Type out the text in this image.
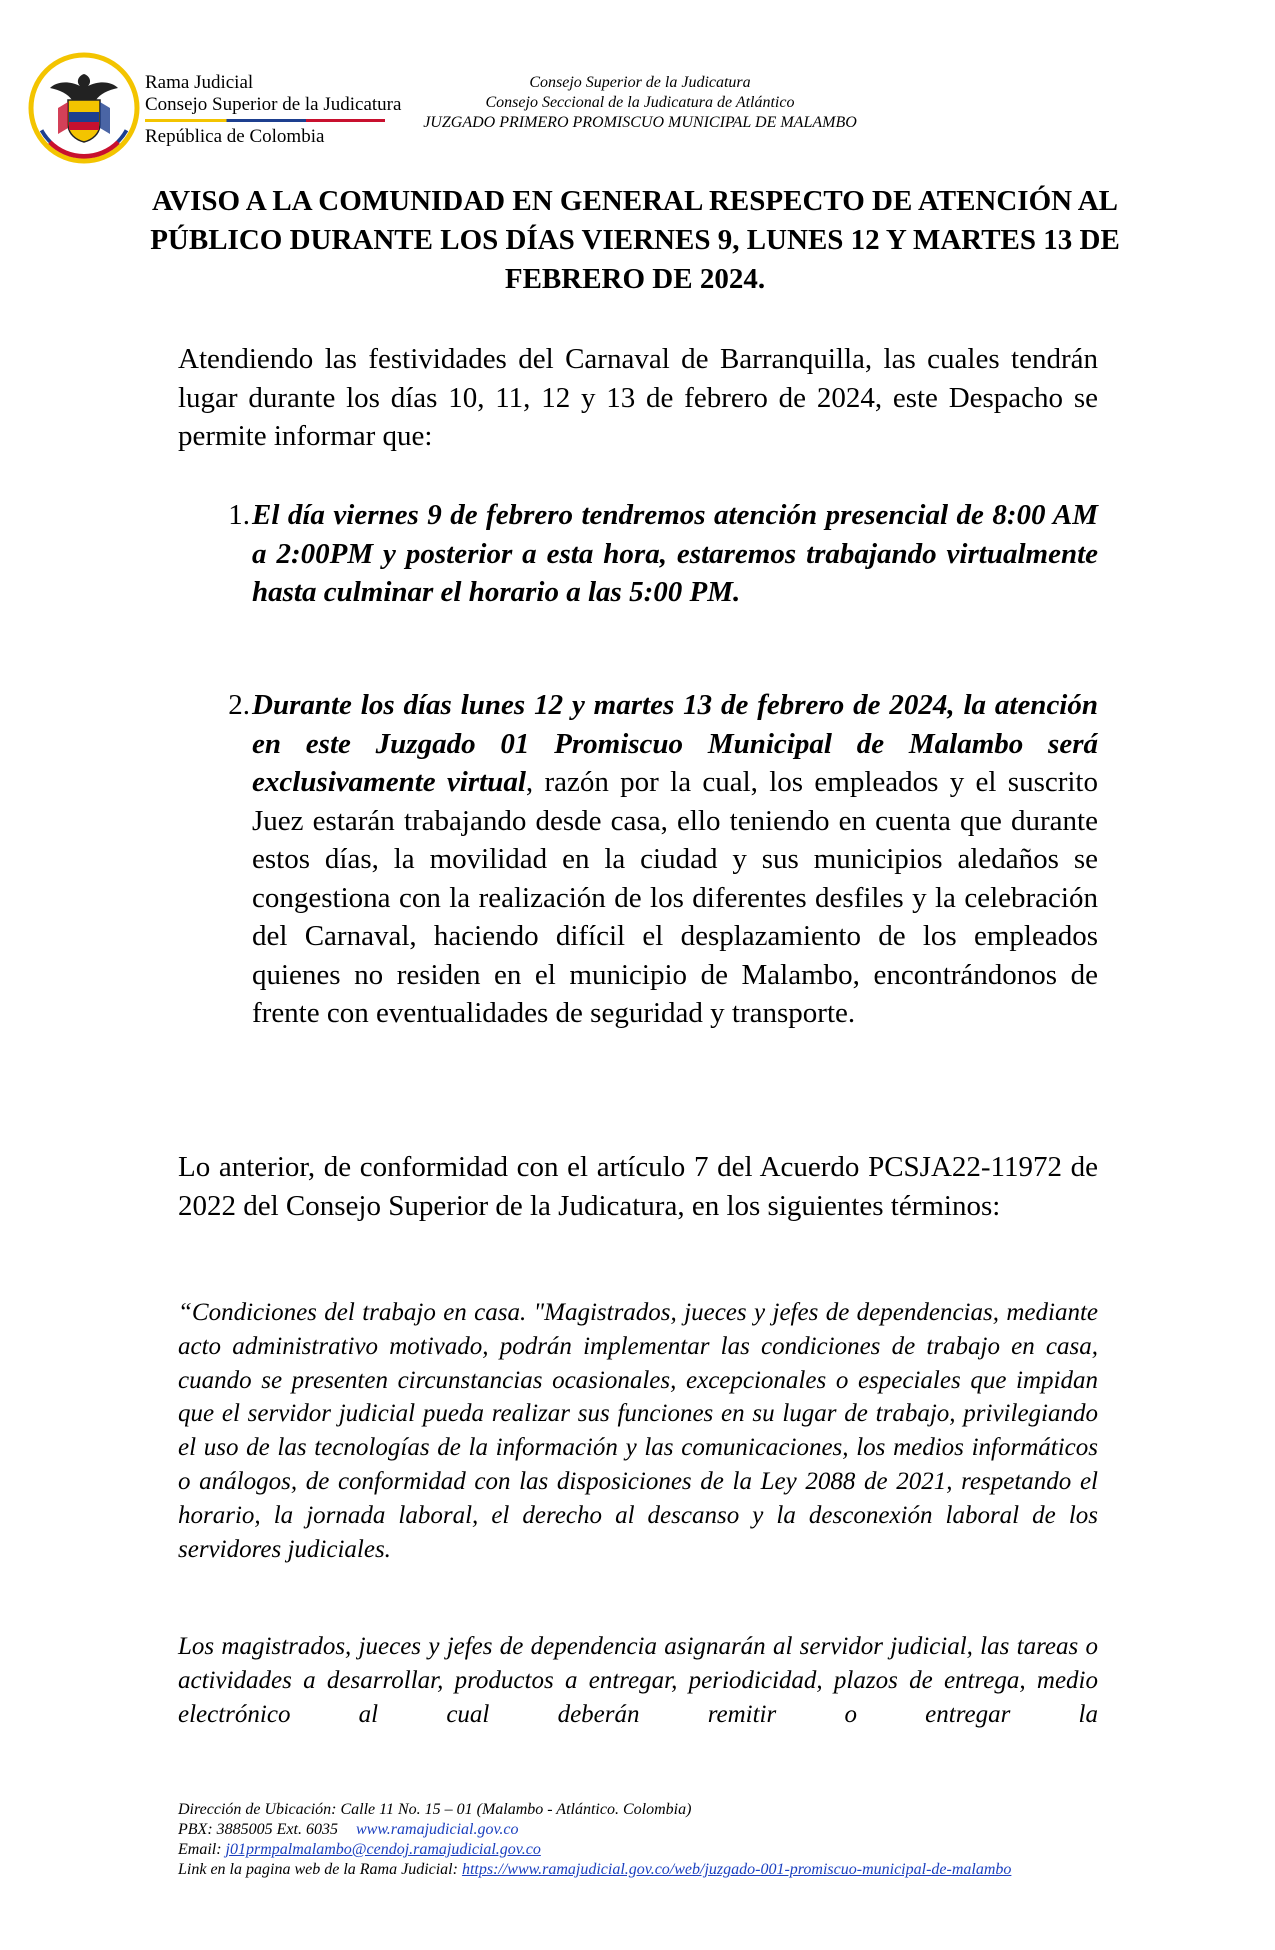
Rama Judicial
Consejo Superior de la Judicatura
República de Colombia
Consejo Superior de la Judicatura
Consejo Seccional de la Judicatura de Atlántico
JUZGADO PRIMERO PROMISCUO MUNICIPAL DE MALAMBO
AVISO A LA COMUNIDAD EN GENERAL RESPECTO DE ATENCIÓN AL PÚBLICO DURANTE LOS DÍAS VIERNES 9, LUNES 12 Y MARTES 13 DE FEBRERO DE 2024.
Atendiendo las festividades del Carnaval de Barranquilla, las cuales tendrán lugar durante los días 10, 11, 12 y 13 de febrero de 2024, este Despacho se permite informar que:
1. El día viernes 9 de febrero tendremos atención presencial de 8:00 AM a 2:00PM y posterior a esta hora, estaremos trabajando virtualmente hasta culminar el horario a las 5:00 PM.
2. Durante los días lunes 12 y martes 13 de febrero de 2024, la atención en este Juzgado 01 Promiscuo Municipal de Malambo será exclusivamente virtual, razón por la cual, los empleados y el suscrito Juez estarán trabajando desde casa, ello teniendo en cuenta que durante estos días, la movilidad en la ciudad y sus municipios aledaños se congestiona con la realización de los diferentes desfiles y la celebración del Carnaval, haciendo difícil el desplazamiento de los empleados quienes no residen en el municipio de Malambo, encontrándonos de frente con eventualidades de seguridad y transporte.
Lo anterior, de conformidad con el artículo 7 del Acuerdo PCSJA22-11972 de 2022 del Consejo Superior de la Judicatura, en los siguientes términos:
“Condiciones del trabajo en casa. "Magistrados, jueces y jefes de dependencias, mediante acto administrativo motivado, podrán implementar las condiciones de trabajo en casa, cuando se presenten circunstancias ocasionales, excepcionales o especiales que impidan que el servidor judicial pueda realizar sus funciones en su lugar de trabajo, privilegiando el uso de las tecnologías de la información y las comunicaciones, los medios informáticos o análogos, de conformidad con las disposiciones de la Ley 2088 de 2021, respetando el horario, la jornada laboral, el derecho al descanso y la desconexión laboral de los servidores judiciales.
Los magistrados, jueces y jefes de dependencia asignarán al servidor judicial, las tareas o actividades a desarrollar, productos a entregar, periodicidad, plazos de entrega, medio electrónico al cual deberán remitir o entregar la
Dirección de Ubicación: Calle 11 No. 15 – 01 (Malambo - Atlántico. Colombia)
PBX: 3885005 Ext. 6035 www.ramajudicial.gov.co
Email: j01prmpalmalambo@cendoj.ramajudicial.gov.co
Link en la pagina web de la Rama Judicial: https://www.ramajudicial.gov.co/web/juzgado-001-promiscuo-municipal-de-malambo
